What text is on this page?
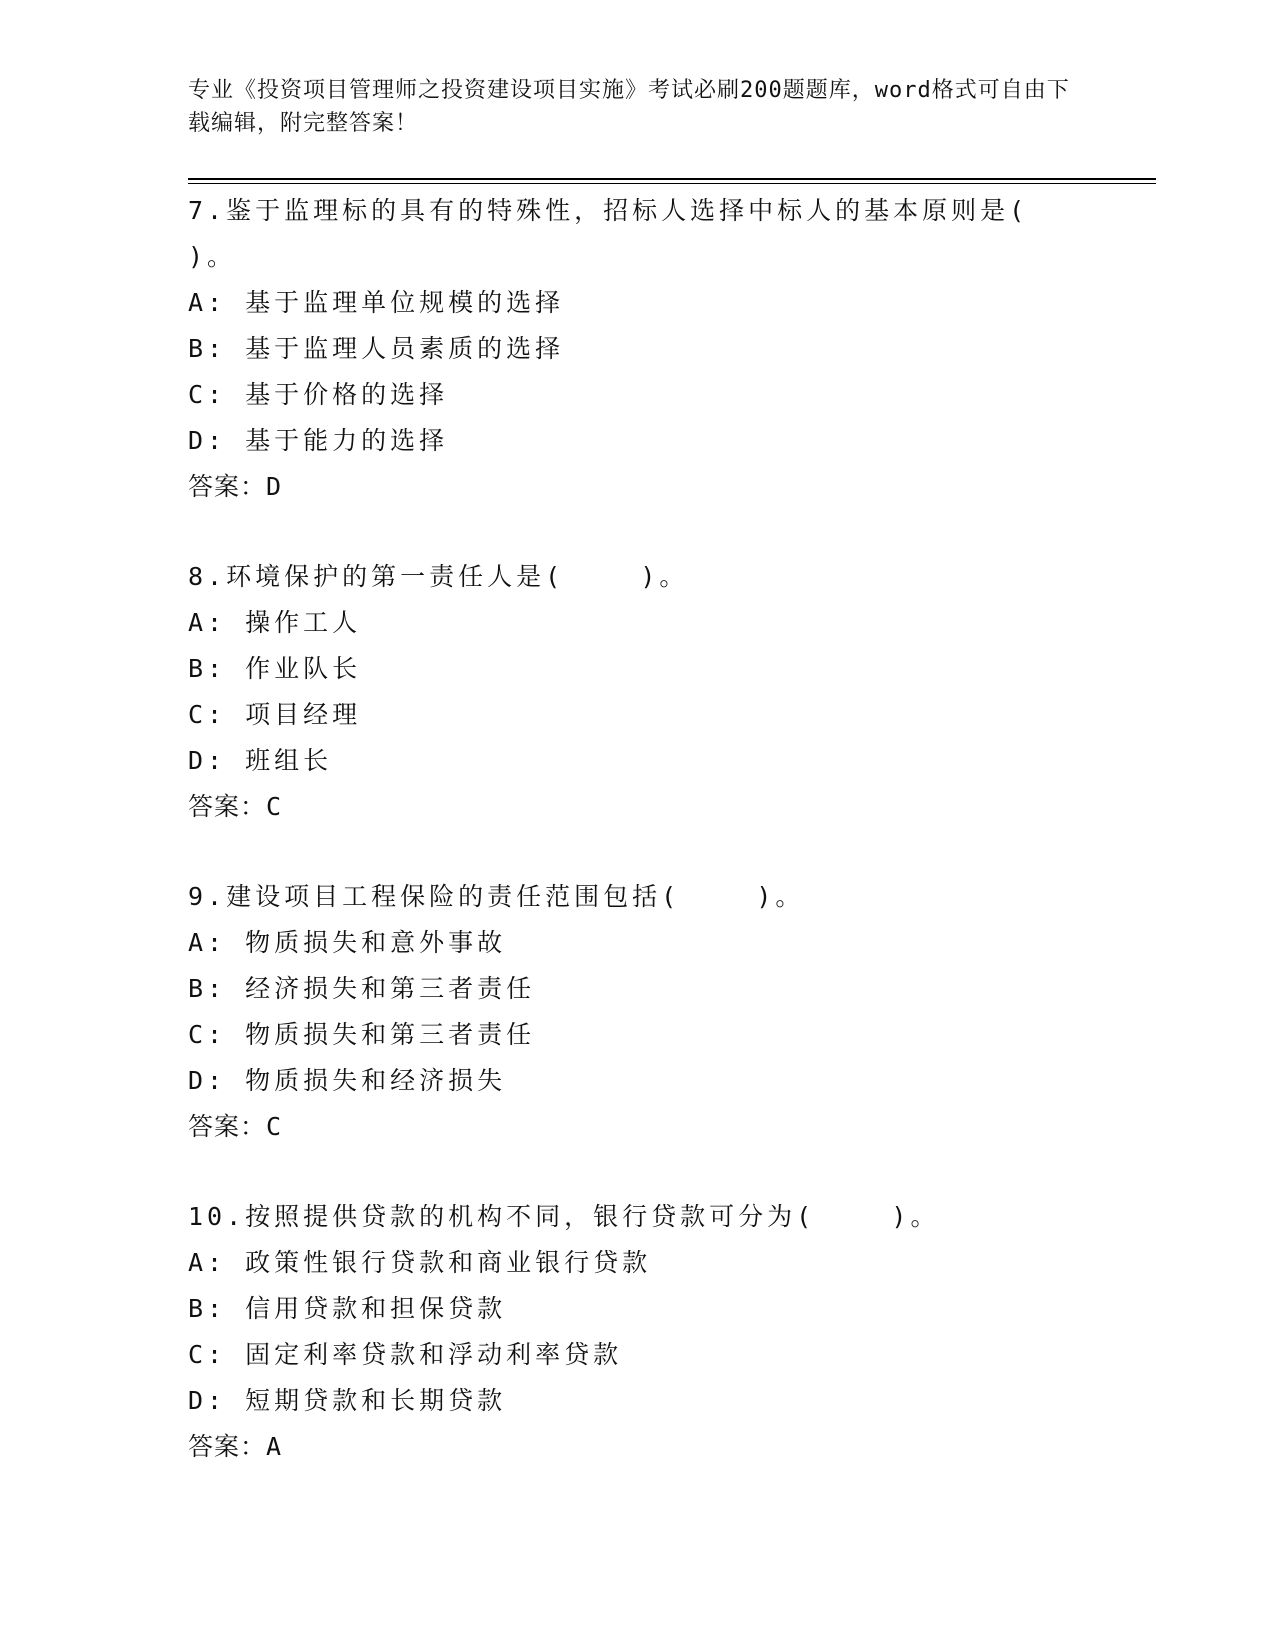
专业《投资项目管理师之投资建设项目实施》考试必刷200题题库，word格式可自由下载编辑，附完整答案！
7.鉴于监理标的具有的特殊性，招标人选择中标人的基本原则是(    )。
A: 基于监理单位规模的选择
B: 基于监理人员素质的选择
C: 基于价格的选择
D: 基于能力的选择
答案：D
8.环境保护的第一责任人是(    )。
A: 操作工人
B: 作业队长
C: 项目经理
D: 班组长
答案：C
9.建设项目工程保险的责任范围包括(    )。
A: 物质损失和意外事故
B: 经济损失和第三者责任
C: 物质损失和第三者责任
D: 物质损失和经济损失
答案：C
10.按照提供贷款的机构不同，银行贷款可分为(    )。
A: 政策性银行贷款和商业银行贷款
B: 信用贷款和担保贷款
C: 固定利率贷款和浮动利率贷款
D: 短期贷款和长期贷款
答案：A
